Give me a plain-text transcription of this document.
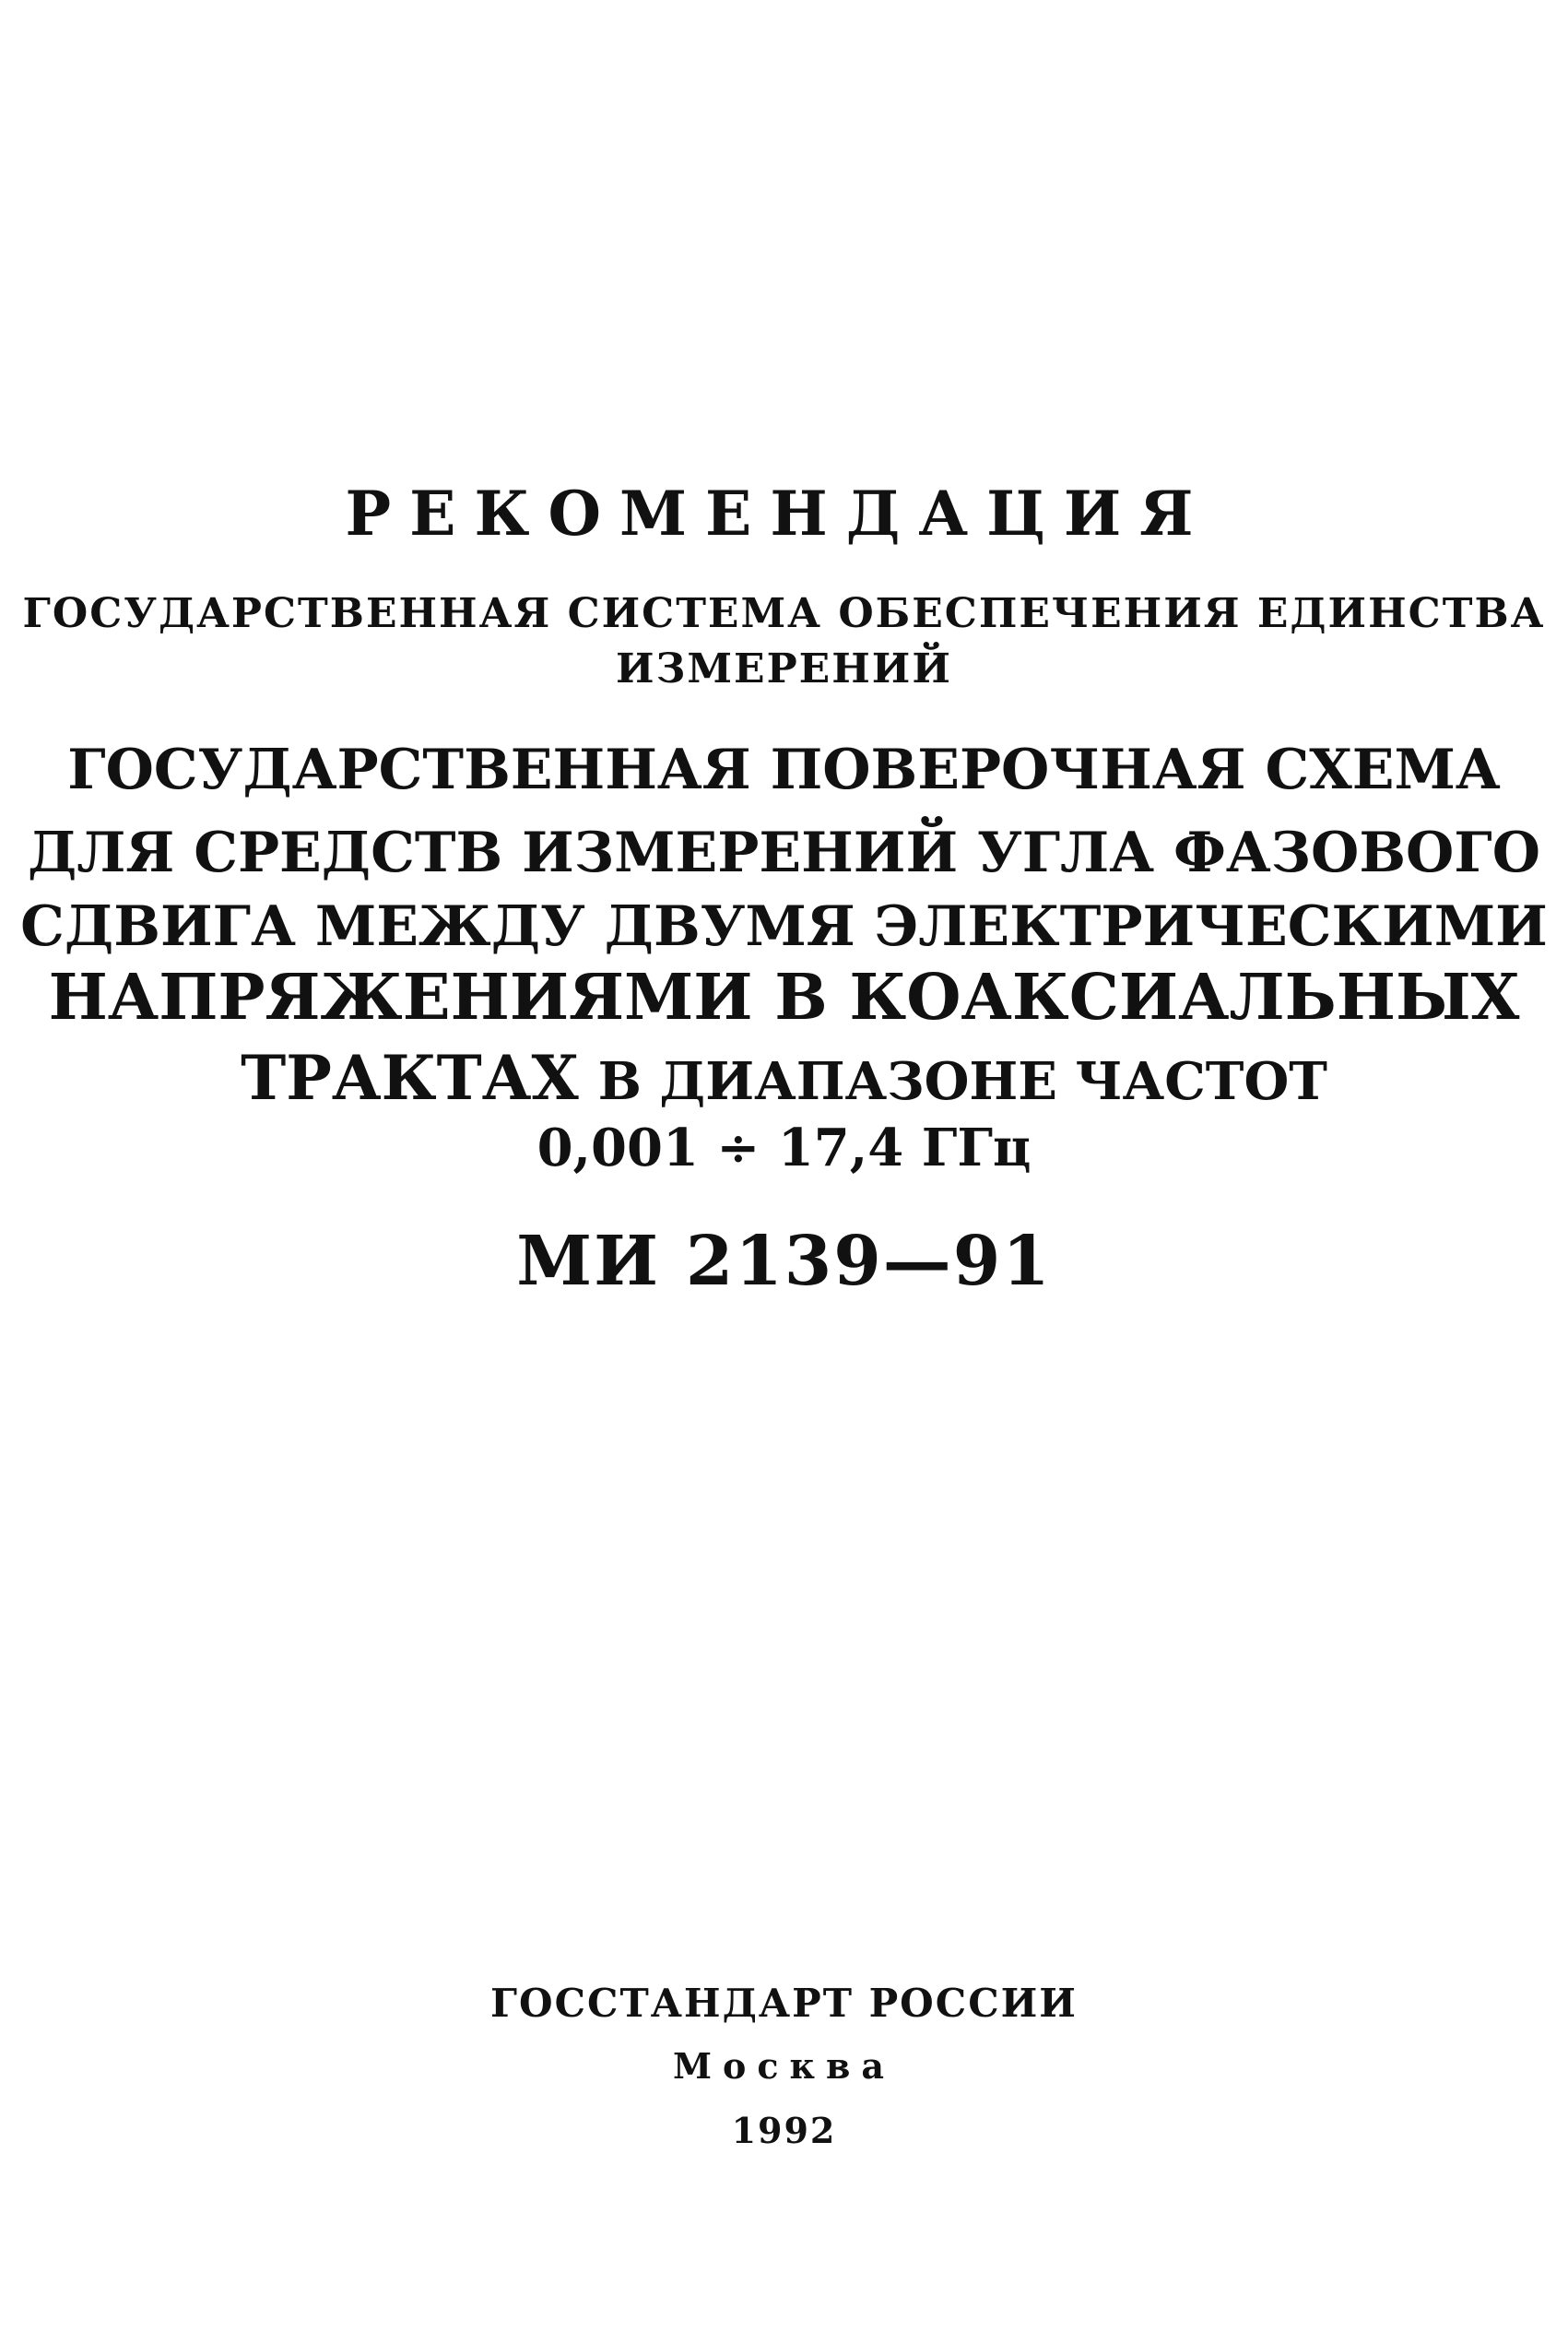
РЕКОМЕНДАЦИЯ
ГОСУДАРСТВЕННАЯ СИСТЕМА ОБЕСПЕЧЕНИЯ ЕДИНСТВА
ИЗМЕРЕНИЙ
ГОСУДАРСТВЕННАЯ ПОВЕРОЧНАЯ СХЕМА
ДЛЯ СРЕДСТВ ИЗМЕРЕНИЙ УГЛА ФАЗОВОГО
СДВИГА МЕЖДУ ДВУМЯ ЭЛЕКТРИЧЕСКИМИ
НАПРЯЖЕНИЯМИ В КОАКСИАЛЬНЫХ
ТРАКТАХ В ДИАПАЗОНЕ ЧАСТОТ
0,001 ÷ 17,4 ГГц
МИ 2139—91
ГОССТАНДАРТ РОССИИ
Москва
1992
